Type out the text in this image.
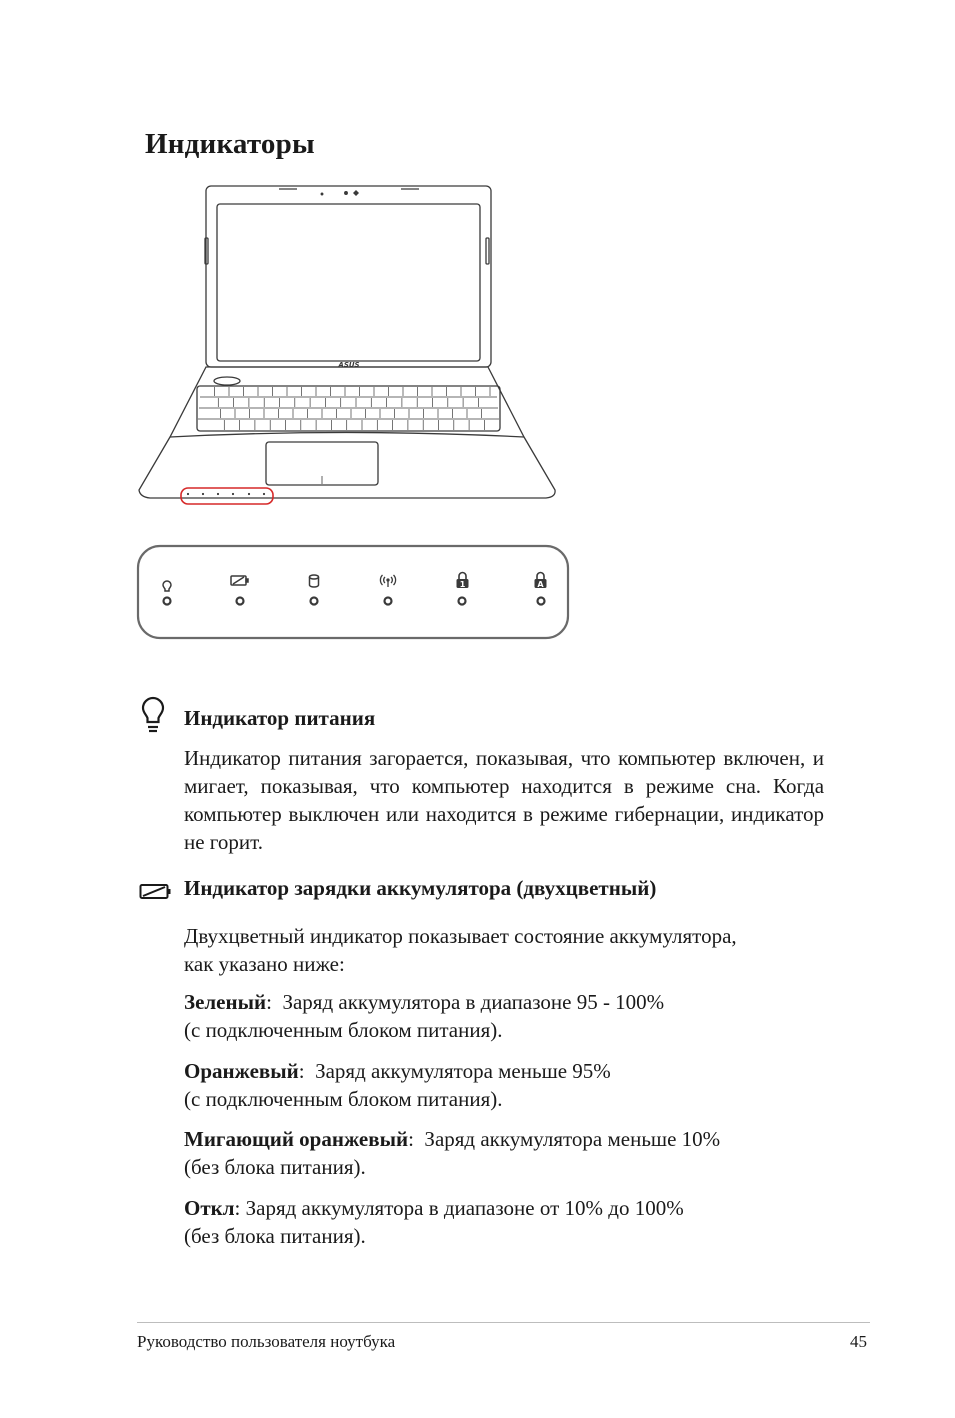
Индикаторы
ASUS
1	A
Индикатор питания

Индикатор питания загорается, показывая, что компьютер включен, и мигает, показывая, что компьютер находится в режиме сна. Когда компьютер выключен или находится в режиме гибернации, индикатор не горит.

Индикатор зарядки аккумулятора (двухцветный)

Двухцветный индикатор показывает состояние аккумулятора,
как указано ниже:

Зеленый:  Заряд аккумулятора в диапазоне 95 - 100%
(с подключенным блоком питания).

Оранжевый:  Заряд аккумулятора меньше 95%
(с подключенным блоком питания).

Мигающий оранжевый:  Заряд аккумулятора меньше 10%
(без блока питания).

Откл: Заряд аккумулятора в диапазоне от 10% до 100%
(без блока питания).

Руководство пользователя ноутбука	45
